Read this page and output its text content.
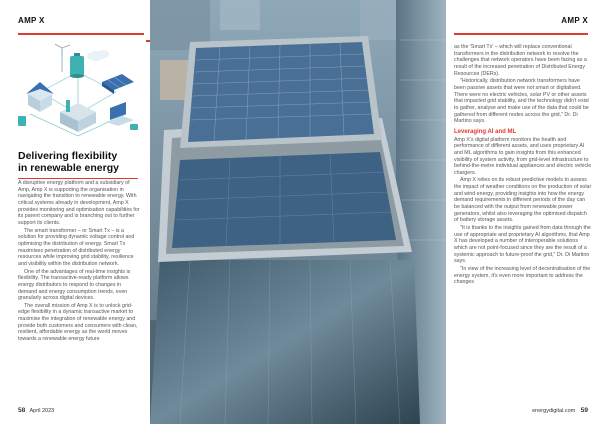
AMP X
Delivering flexibility
in renewable energy

A disruptive energy platform and a subsidiary of Amp, Amp X is supporting the organisation in navigating the transition to renewable energy. With critical systems already in development, Amp X provides monitoring and optimisation capabilities for its parent company and is branching out to further support its clients.

The smart transformer – or Smart Tx – is a solution for providing dynamic voltage control and optimising the distribution of energy. Smart Tx maximises penetration of distributed energy resources while improving grid stability, resilience and visibility within the distribution network.

One of the advantages of real-time insights is flexibility. The transactive-ready platform allows energy distributors to respond to changes in demand and energy consumption trends, even granularly across digital devices.

The overall mission of Amp X is to unlock grid-edge flexibility in a dynamic transactive market to maximise the integration of renewable energy and provide both customers and consumers with clean, resilient, affordable energy as the world moves towards a renewable energy future

58 April 2023
AMP X

as the 'Smart Tx' – which will replace conventional transformers in the distribution network to resolve the challenges that network operators have been facing as a result of the increased penetration of Distributed Energy Resources (DERs).

"Historically, distribution network transformers have been passive assets that were not smart or digitalised. There were no electric vehicles, solar PV or other assets that impacted grid stability, and the technology didn't exist to gather, analyse and make use of the data that could be gathered from different nodes across the grid," Dr. Di Martino says.

Leveraging AI and ML

Amp X's digital platform monitors the health and performance of different assets, and uses proprietary AI and ML algorithms to gain insights from this enhanced visibility of system activity, from grid-level infrastructure to behind-the-metre individual appliances and electric vehicle chargers.

Amp X relies on its robust predictive models to assess the impact of weather conditions on the production of solar and wind energy, providing insights into how the energy demand requirements in different periods of the day can be balanced with the output from renewable power generators, whilst also leveraging the optimised dispatch of battery storage assets.

"It is thanks to the insights gained from data through the use of appropriate and proprietary AI algorithms, that Amp X has developed a number of interoperable solutions which are not point-focused since they are the result of a systemic approach to future-proof the grid," Dr. Di Martino says.

"In view of the increasing level of decentralisation of the energy system, it's even more important to address the changes

energydigital.com 59
